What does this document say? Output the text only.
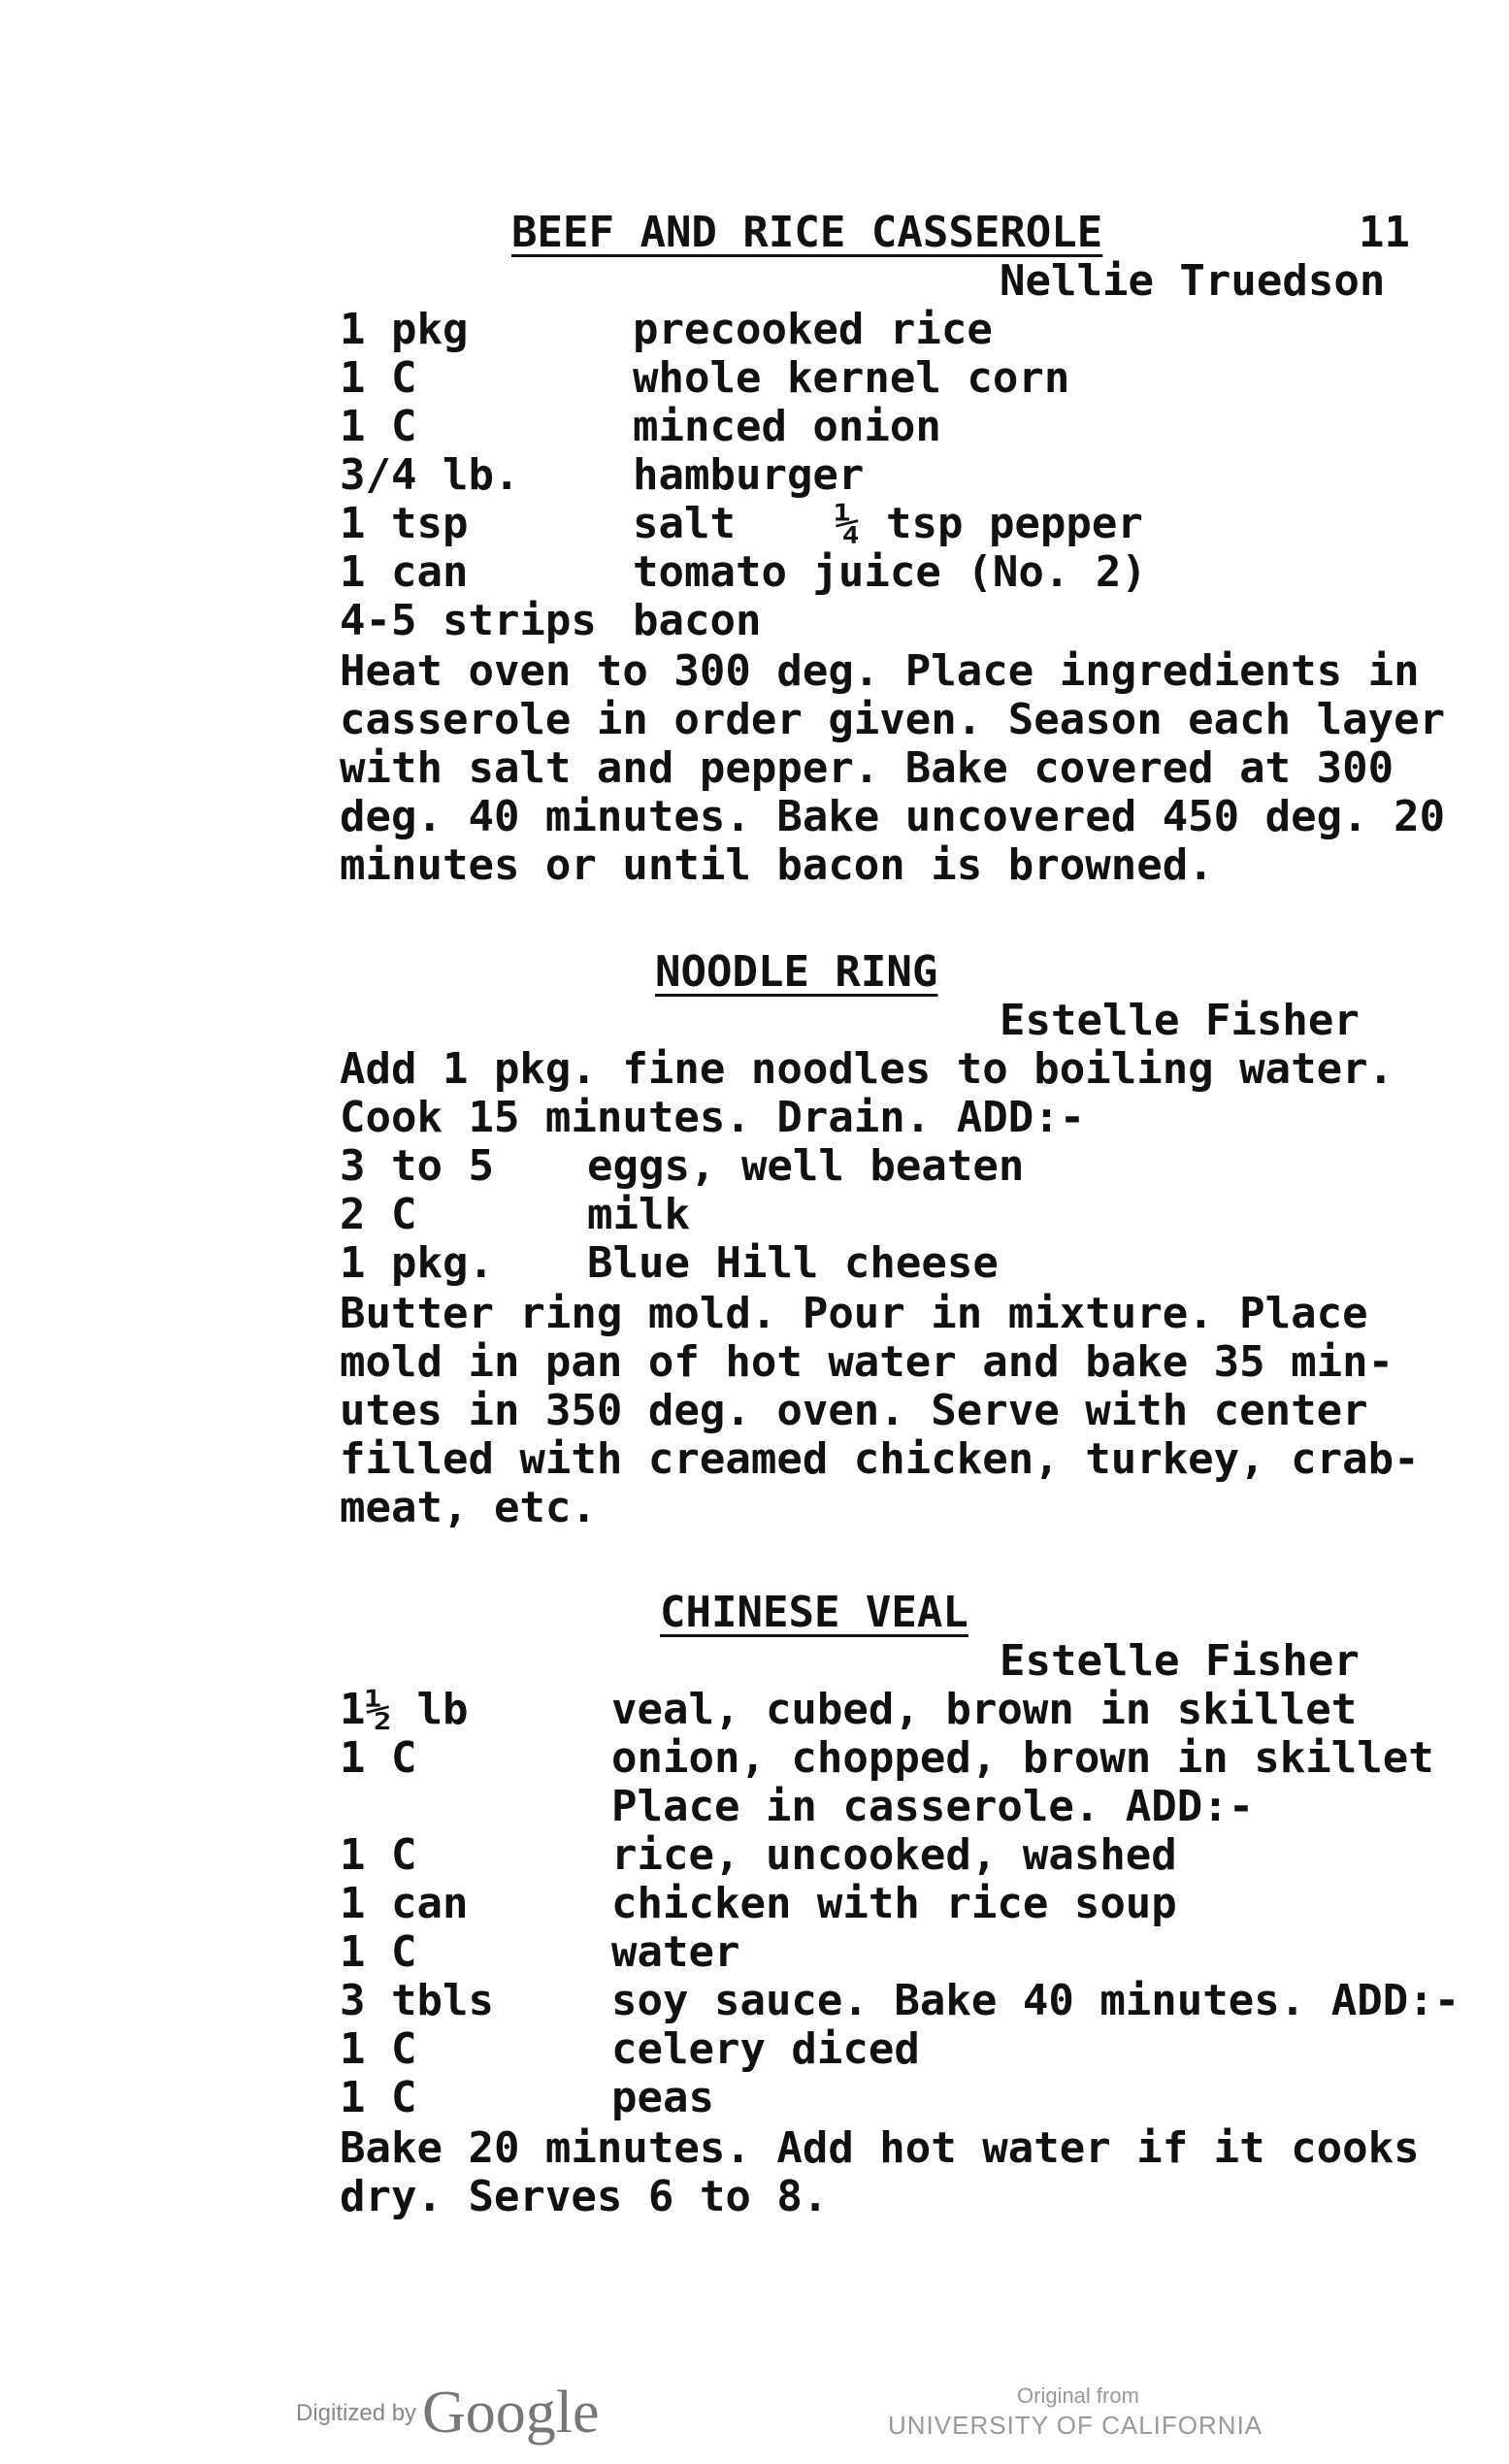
BEEF AND RICE CASSEROLE	11
Nellie Truedson
1 pkg	precooked rice
1 C	whole kernel corn
1 C	minced onion
3/4 lb.	hamburger
1 tsp	salt ¼ tsp pepper
1 can	tomato juice (No. 2)
4-5 strips bacon
Heat oven to 300 deg. Place ingredients in
casserole in order given. Season each layer
with salt and pepper. Bake covered at 300
deg. 40 minutes. Bake uncovered 450 deg. 20
minutes or until bacon is browned.
NOODLE RING
Estelle Fisher
Add 1 pkg. fine noodles to boiling water.
Cook 15 minutes. Drain. ADD:-
3 to 5 eggs, well beaten
2 C	milk
1 pkg. Blue Hill cheese
Butter ring mold. Pour in mixture. Place
mold in pan of hot water and bake 35 min-
utes in 350 deg. oven. Serve with center
filled with creamed chicken, turkey, crab-
meat, etc.
CHINESE VEAL
Estelle Fisher
1½ lb	veal, cubed, brown in skillet
1 C	onion, chopped, brown in skillet
Place in casserole. ADD:-
1 C	rice, uncooked, washed
1 can	chicken with rice soup
1 C	water
3 tbls	soy sauce. Bake 40 minutes. ADD:-
1 C	celery diced
1 C	peas
Bake 20 minutes. Add hot water if it cooks
dry. Serves 6 to 8.
Digitized by Google	Original from
UNIVERSITY OF CALIFORNIA
